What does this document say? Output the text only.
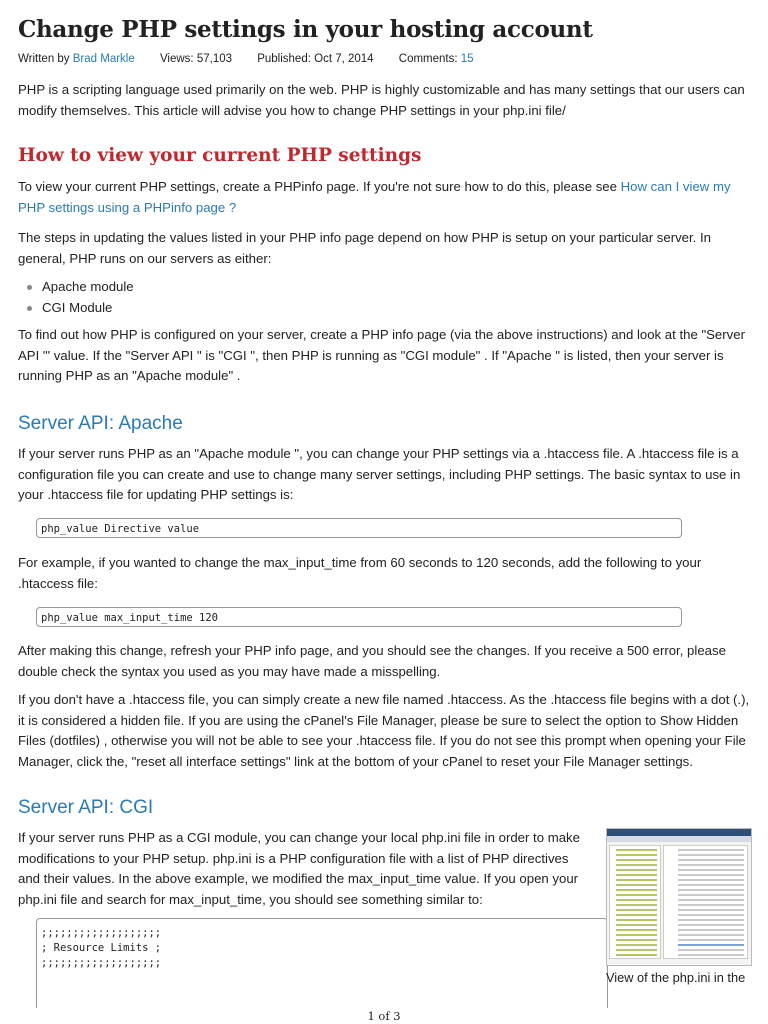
Change PHP settings in your hosting account
Written by Brad Markle Views: 57,103 Published: Oct 7, 2014 Comments: 15

PHP is a scripting language used primarily on the web. PHP is highly customizable and has many settings that our users can modify themselves. This article will advise you how to change PHP settings in your php.ini file/

How to view your current PHP settings

To view your current PHP settings, create a PHPinfo page. If you're not sure how to do this, please see How can I view my PHP settings using a PHPinfo page ?

The steps in updating the values listed in your PHP info page depend on how PHP is setup on your particular server. In general, PHP runs on our servers as either:

Apache module
CGI Module

To find out how PHP is configured on your server, create a PHP info page (via the above instructions) and look at the "Server API "' value. If the "Server API " is "CGI ", then PHP is running as "CGI module" . If "Apache " is listed, then your server is running PHP as an "Apache module" .

Server API: Apache

If your server runs PHP as an "Apache module ", you can change your PHP settings via a .htaccess file. A .htaccess file is a configuration file you can create and use to change many server settings, including PHP settings. The basic syntax to use in your .htaccess file for updating PHP settings is:

php_value Directive value

For example, if you wanted to change the max_input_time from 60 seconds to 120 seconds, add the following to your .htaccess file:

php_value max_input_time 120

After making this change, refresh your PHP info page, and you should see the changes. If you receive a 500 error, please double check the syntax you used as you may have made a misspelling.

If you don't have a .htaccess file, you can simply create a new file named .htaccess. As the .htaccess file begins with a dot (.), it is considered a hidden file. If you are using the cPanel's File Manager, please be sure to select the option to Show Hidden Files (dotfiles) , otherwise you will not be able to see your .htaccess file. If you do not see this prompt when opening your File Manager, click the, "reset all interface settings" link at the bottom of your cPanel to reset your File Manager settings.

Server API: CGI

If your server runs PHP as a CGI module, you can change your local php.ini file in order to make modifications to your PHP setup. php.ini is a PHP configuration file with a list of PHP directives and their values. In the above example, we modified the max_input_time value. If you open your php.ini file and search for max_input_time, you should see something similar to:

;;;;;;;;;;;;;;;;;;;
; Resource Limits ;
;;;;;;;;;;;;;;;;;;;
View of the php.ini in the
1 of 3
